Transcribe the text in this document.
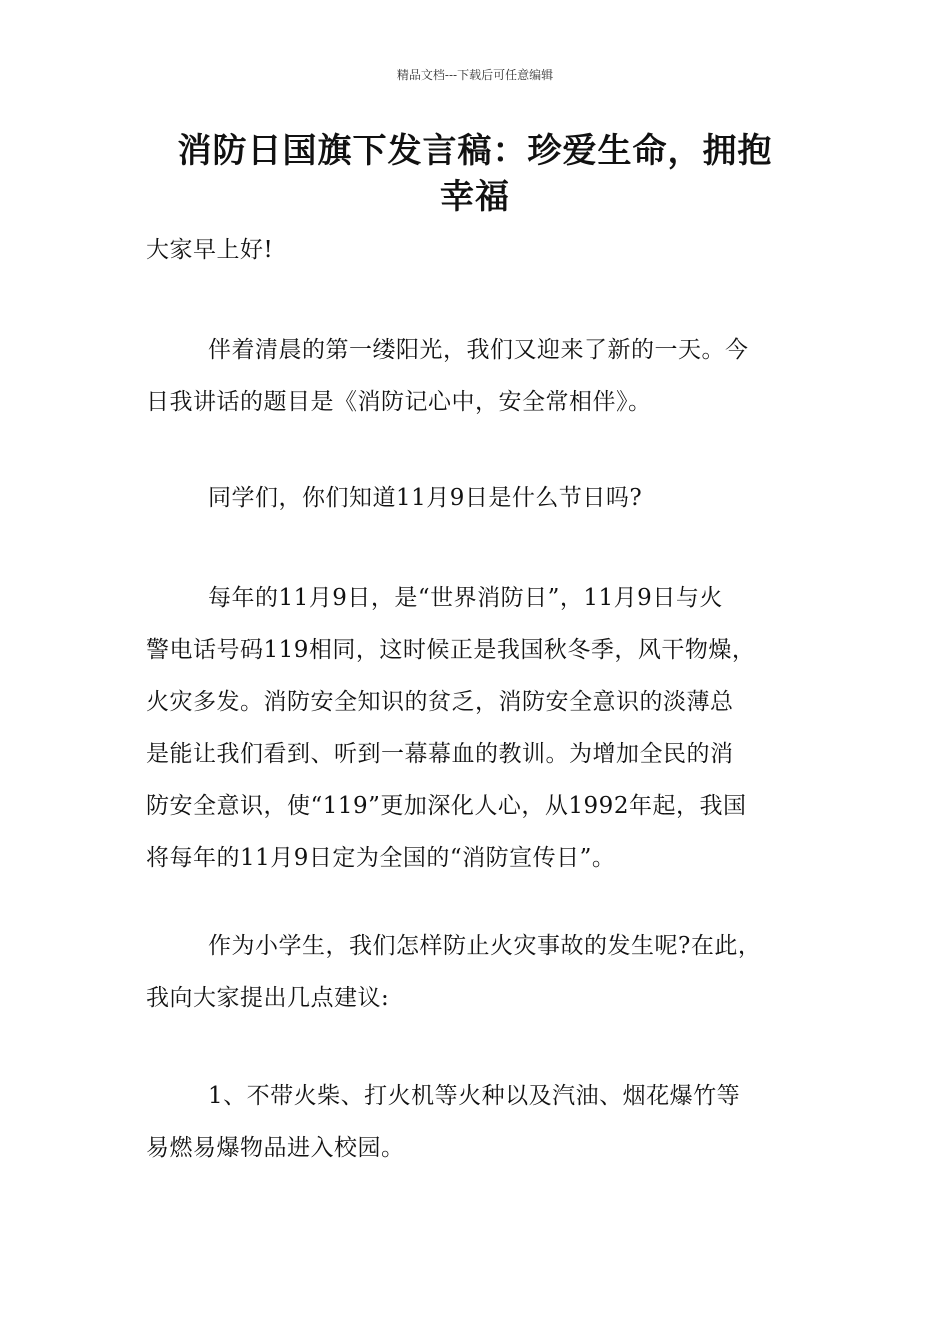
精品文档---下载后可任意编辑
消防日国旗下发言稿：珍爱生命，拥抱
幸福
大家早上好!
伴着清晨的第一缕阳光，我们又迎来了新的一天。今
日我讲话的题目是《消防记心中，安全常相伴》。
同学们，你们知道11月9日是什么节日吗?
每年的11月9日，是“世界消防日”，11月9日与火
警电话号码119相同，这时候正是我国秋冬季，风干物燥，
火灾多发。消防安全知识的贫乏，消防安全意识的淡薄总
是能让我们看到、听到一幕幕血的教训。为增加全民的消
防安全意识，使“119”更加深化人心，从1992年起，我国
将每年的11月9日定为全国的“消防宣传日”。
作为小学生，我们怎样防止火灾事故的发生呢?在此，
我向大家提出几点建议:
1、不带火柴、打火机等火种以及汽油、烟花爆竹等
易燃易爆物品进入校园。
